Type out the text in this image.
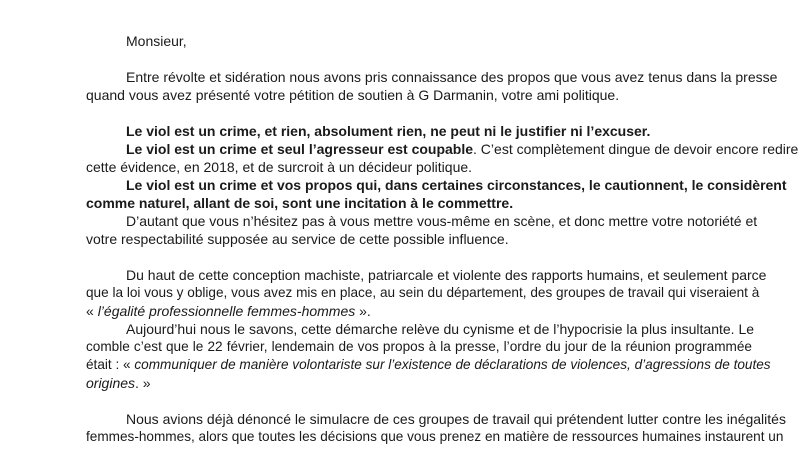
Monsieur,
Entre révolte et sidération nous avons pris connaissance des propos que vous avez tenus dans la presse
quand vous avez présenté votre pétition de soutien à G Darmanin, votre ami politique.
Le viol est un crime, et rien, absolument rien, ne peut ni le justifier ni l’excuser.
Le viol est un crime et seul l’agresseur est coupable. C’est complètement dingue de devoir encore redire
cette évidence, en 2018, et de surcroit à un décideur politique.
Le viol est un crime et vos propos qui, dans certaines circonstances, le cautionnent, le considèrent
comme naturel, allant de soi, sont une incitation à le commettre.
D’autant que vous n’hésitez pas à vous mettre vous-même en scène, et donc mettre votre notoriété et
votre respectabilité supposée au service de cette possible influence.
Du haut de cette conception machiste, patriarcale et violente des rapports humains, et seulement parce
que la loi vous y oblige, vous avez mis en place, au sein du département, des groupes de travail qui viseraient à
« l’égalité professionnelle femmes-hommes ».
Aujourd’hui nous le savons, cette démarche relève du cynisme et de l’hypocrisie la plus insultante. Le
comble c’est que le 22 février, lendemain de vos propos à la presse, l’ordre du jour de la réunion programmée
était : « communiquer de manière volontariste sur l’existence de déclarations de violences, d’agressions de toutes
origines. »
Nous avions déjà dénoncé le simulacre de ces groupes de travail qui prétendent lutter contre les inégalités
femmes-hommes, alors que toutes les décisions que vous prenez en matière de ressources humaines instaurent un
